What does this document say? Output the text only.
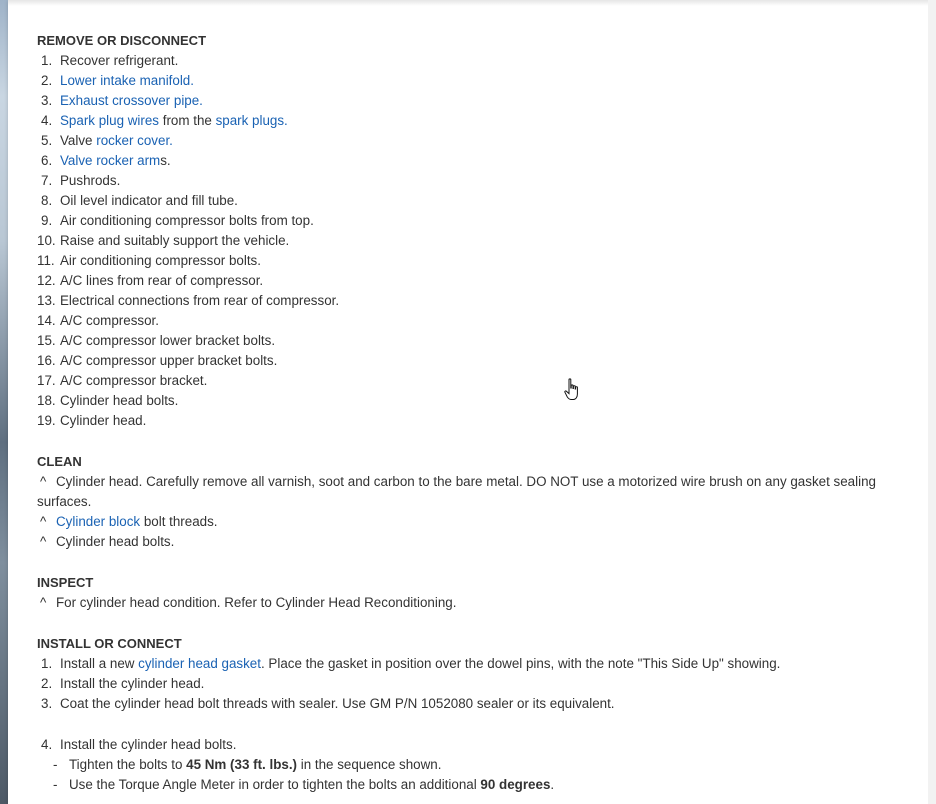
REMOVE OR DISCONNECT
1. Recover refrigerant.
2. Lower intake manifold.
3. Exhaust crossover pipe.
4. Spark plug wires from the spark plugs.
5. Valve rocker cover.
6. Valve rocker arms.
7. Pushrods.
8. Oil level indicator and fill tube.
9. Air conditioning compressor bolts from top.
10. Raise and suitably support the vehicle.
11. Air conditioning compressor bolts.
12. A/C lines from rear of compressor.
13. Electrical connections from rear of compressor.
14. A/C compressor.
15. A/C compressor lower bracket bolts.
16. A/C compressor upper bracket bolts.
17. A/C compressor bracket.
18. Cylinder head bolts.
19. Cylinder head.
CLEAN
^ Cylinder head. Carefully remove all varnish, soot and carbon to the bare metal. DO NOT use a motorized wire brush on any gasket sealing surfaces.
^ Cylinder block bolt threads.
^ Cylinder head bolts.
INSPECT
^ For cylinder head condition. Refer to Cylinder Head Reconditioning.
INSTALL OR CONNECT
1. Install a new cylinder head gasket. Place the gasket in position over the dowel pins, with the note "This Side Up" showing.
2. Install the cylinder head.
3. Coat the cylinder head bolt threads with sealer. Use GM P/N 1052080 sealer or its equivalent.
4. Install the cylinder head bolts.
- Tighten the bolts to 45 Nm (33 ft. lbs.) in the sequence shown.
- Use the Torque Angle Meter in order to tighten the bolts an additional 90 degrees.
